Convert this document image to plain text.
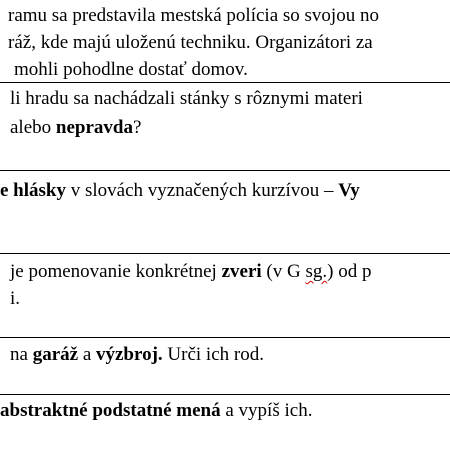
ramu sa predstavila mestská polícia so svojou no
ráž, kde majú uloženú techniku. Organizátori za
mohli pohodlne dostať domov.
li hradu sa nachádzali stánky s rôznymi materi
alebo nepravda?
e hlásky v slovách vyznačených kurzívou – Vy
je pomenovanie konkrétnej zveri (v G sg.) od p
i.
na garáž a výzbroj. Urči ich rod.
abstraktné podstatné mená a vypíš ich.
